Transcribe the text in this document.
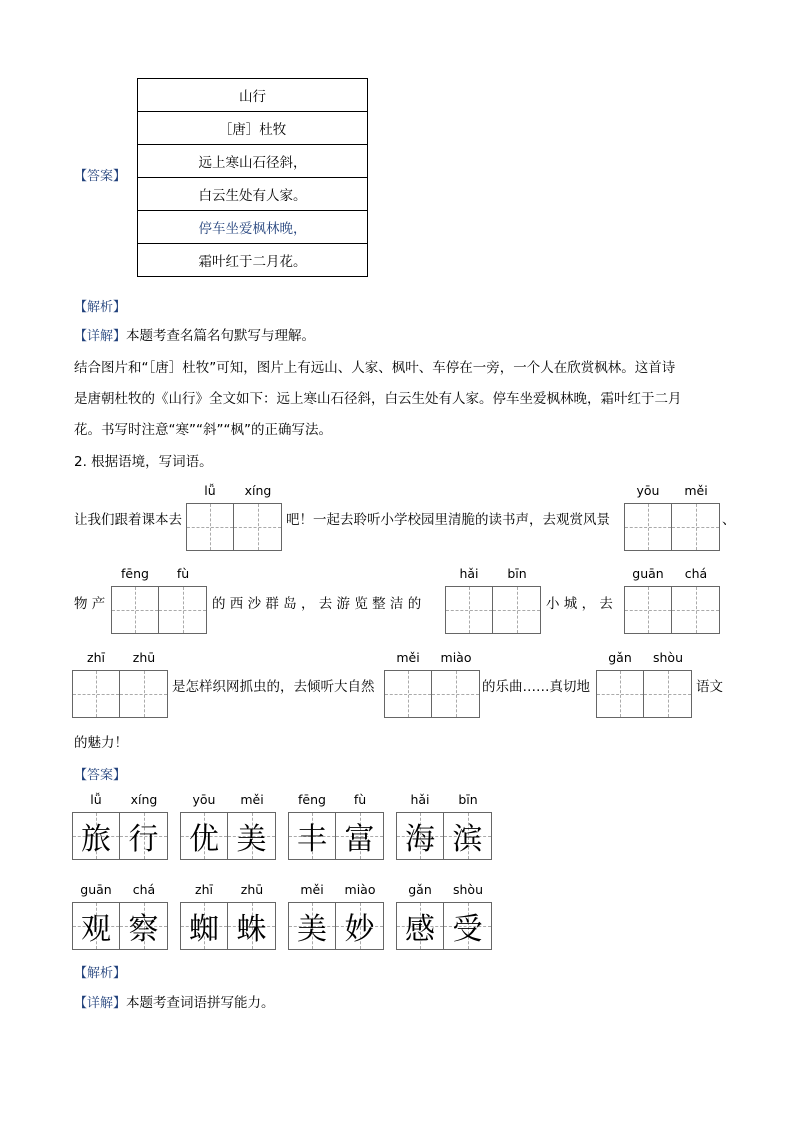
【答案】
山行
［唐］杜牧
远上寒山石径斜，
白云生处有人家。
停车坐爱枫林晚，
霜叶红于二月花。
【解析】
【详解】本题考查名篇名句默写与理解。
结合图片和“［唐］杜牧”可知，图片上有远山、人家、枫叶、车停在一旁，一个人在欣赏枫林。这首诗
是唐朝杜牧的《山行》全文如下：远上寒山石径斜，白云生处有人家。停车坐爱枫林晚，霜叶红于二月
花。书写时注意“寒”“斜”“枫”的正确写法。
2. 根据语境，写词语。
让我们跟着课本去	吧！一起去聆听小学校园里清脆的读书声，去观赏风景	、
物 产	的 西 沙 群 岛 ， 去 游 览 整 洁 的	小 城 ， 去
是怎样织网抓虫的，去倾听大自然	的乐曲……真切地	语文
的魅力！
lǚ	xíng	yōu	měi
fēng	fù	hǎi	bīn	guān	chá
zhī	zhū	měi	miào	gǎn	shòu
【答案】
lǚ	xíng
旅 行
yōu	měi
优 美
fēng	fù
丰 富
hǎi	bīn
海 滨
guān	chá
观 察
zhī	zhū
蜘 蛛
měi	miào
美 妙
gǎn	shòu
感 受
【解析】
【详解】本题考查词语拼写能力。
